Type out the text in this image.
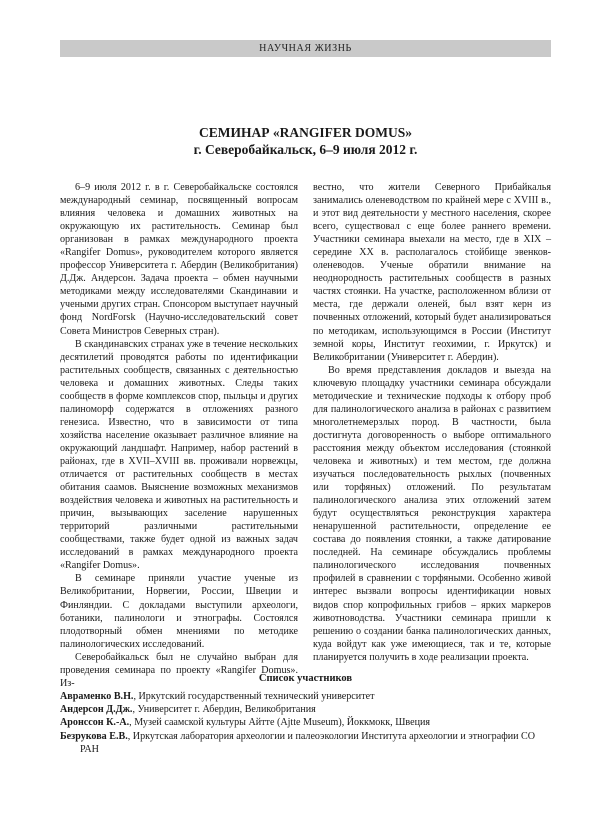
НАУЧНАЯ ЖИЗНЬ
СЕМИНАР «RANGIFER DOMUS»
г. Северобайкальск, 6–9 июля 2012 г.

6–9 июля 2012 г. в г. Северобайкальске состоялся международный семинар, посвященный вопросам влияния человека и домашних животных на окружающую их растительность. Семинар был организован в рамках международного проекта «Rangifer Domus», руководителем которого является профессор Университета г. Абердин (Великобритания) Д.Дж. Андерсон. Задача проекта – обмен научными методиками между исследователями Скандинавии и учеными других стран. Спонсором выступает научный фонд NordForsk (Научно-исследовательский совет Совета Министров Северных стран).

В скандинавских странах уже в течение нескольких десятилетий проводятся работы по идентификации растительных сообществ, связанных с деятельностью человека и домашних животных. Следы таких сообществ в форме комплексов спор, пыльцы и других палиноморф содержатся в отложениях разного генезиса. Известно, что в зависимости от типа хозяйства население оказывает различное влияние на окружающий ландшафт. Например, набор растений в районах, где в XVII–XVIII вв. проживали норвежцы, отличается от растительных сообществ в местах обитания саамов. Выяснение возможных механизмов воздействия человека и животных на растительность и причин, вызывающих заселение нарушенных территорий различными растительными сообществами, также будет одной из важных задач исследований в рамках международного проекта «Rangifer Domus».

В семинаре приняли участие ученые из Великобритании, Норвегии, России, Швеции и Финляндии. С докладами выступили археологи, ботаники, палинологи и этнографы. Состоялся плодотворный обмен мнениями по методике палинологических исследований.

Северобайкальск был не случайно выбран для проведения семинара по проекту «Rangifer Domus». Из-

вестно, что жители Северного Прибайкалья занимались оленеводством по крайней мере с XVIII в., и этот вид деятельности у местного населения, скорее всего, существовал с еще более раннего времени. Участники семинара выехали на место, где в XIX – середине XX в. располагалось стойбище эвенков-оленеводов. Ученые обратили внимание на неоднородность растительных сообществ в разных частях стоянки. На участке, расположенном вблизи от места, где держали оленей, был взят керн из почвенных отложений, который будет анализироваться по методикам, использующимся в России (Институт земной коры, Институт геохимии, г. Иркутск) и Великобритании (Университет г. Абердин).

Во время представления докладов и выезда на ключевую площадку участники семинара обсуждали методические и технические подходы к отбору проб для палинологического анализа в районах с развитием многолетнемерзлых пород. В частности, была достигнута договоренность о выборе оптимального расстояния между объектом исследования (стоянкой человека и животных) и тем местом, где должна изучаться последовательность рыхлых (почвенных или торфяных) отложений. По результатам палинологического анализа этих отложений затем будут осуществляться реконструкция характера ненарушенной растительности, определение ее состава до появления стоянки, а также датирование последней. На семинаре обсуждались проблемы палинологического исследования почвенных профилей в сравнении с торфяными. Особенно живой интерес вызвали вопросы идентификации новых видов спор копрофильных грибов – ярких маркеров животноводства. Участники семинара пришли к решению о создании банка палинологических данных, куда войдут как уже имеющиеся, так и те, которые планируется получить в ходе реализации проекта.

Список участников
Авраменко В.Н., Иркутский государственный технический университет
Андерсон Д.Дж., Университет г. Абердин, Великобритания
Аронссон К.-А., Музей саамской культуры Айтте (Ajtte Museum), Йоккмокк, Швеция
Безрукова Е.В., Иркутская лаборатория археологии и палеоэкологии Института археологии и этнографии СО РАН
